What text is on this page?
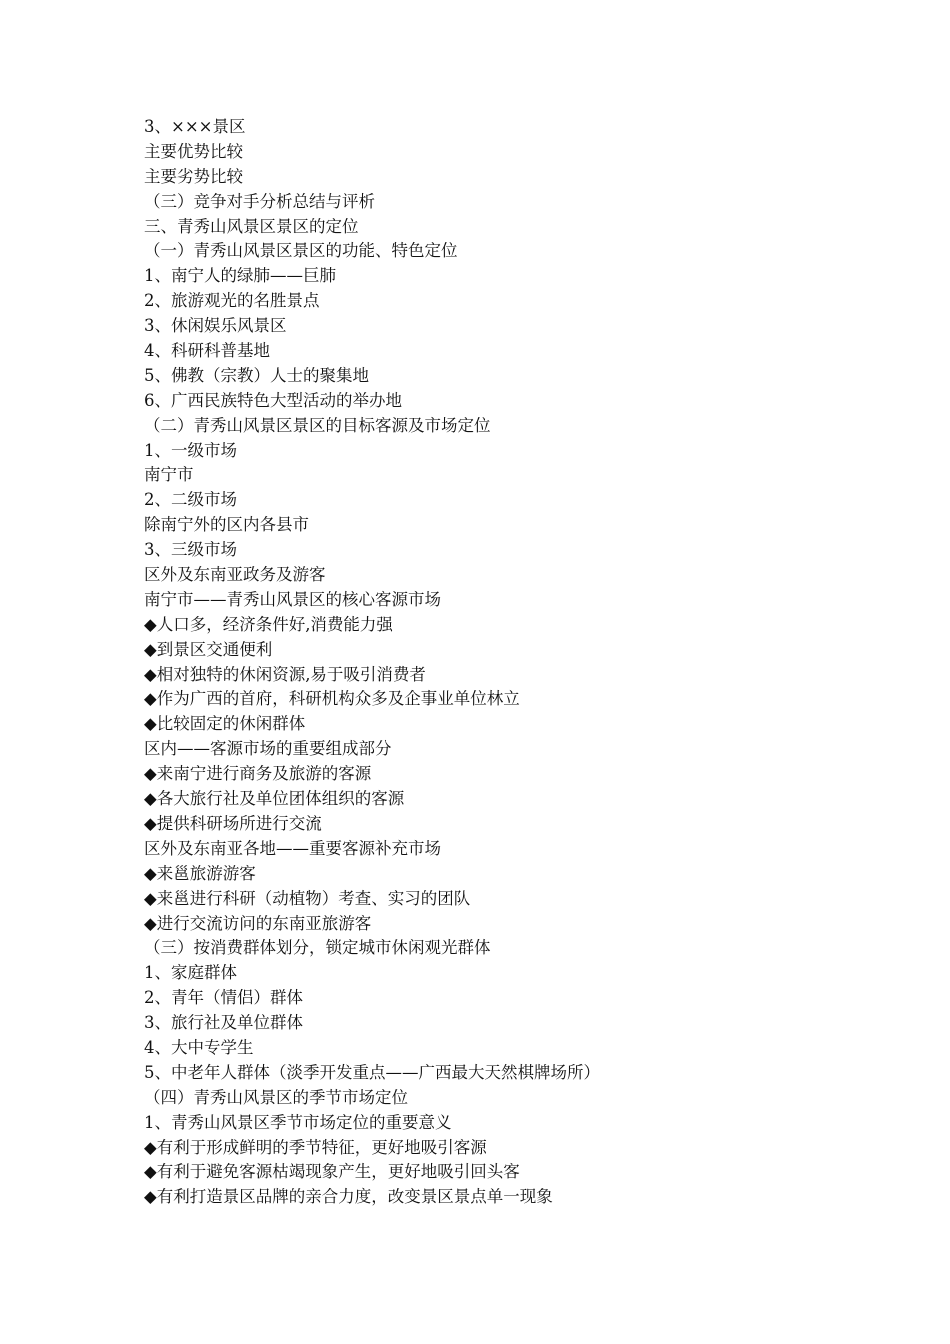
3、×××景区

主要优势比较

主要劣势比较

（三）竞争对手分析总结与评析

三、青秀山风景区景区的定位

（一）青秀山风景区景区的功能、特色定位

1、南宁人的绿肺——巨肺

2、旅游观光的名胜景点

3、休闲娱乐风景区

4、科研科普基地

5、佛教（宗教）人士的聚集地

6、广西民族特色大型活动的举办地

（二）青秀山风景区景区的目标客源及市场定位

1、一级市场

南宁市

2、二级市场

除南宁外的区内各县市

3、三级市场

区外及东南亚政务及游客

南宁市——青秀山风景区的核心客源市场

◆人口多，经济条件好,消费能力强

◆到景区交通便利

◆相对独特的休闲资源,易于吸引消费者

◆作为广西的首府，科研机构众多及企事业单位林立

◆比较固定的休闲群体

区内——客源市场的重要组成部分

◆来南宁进行商务及旅游的客源

◆各大旅行社及单位团体组织的客源

◆提供科研场所进行交流

区外及东南亚各地——重要客源补充市场

◆来邕旅游游客

◆来邕进行科研（动植物）考查、实习的团队

◆进行交流访问的东南亚旅游客

（三）按消费群体划分，锁定城市休闲观光群体

1、家庭群体

2、青年（情侣）群体

3、旅行社及单位群体

4、大中专学生

5、中老年人群体（淡季开发重点——广西最大天然棋牌场所）

（四）青秀山风景区的季节市场定位

1、青秀山风景区季节市场定位的重要意义

◆有利于形成鲜明的季节特征，更好地吸引客源

◆有利于避免客源枯竭现象产生，更好地吸引回头客

◆有利打造景区品牌的亲合力度，改变景区景点单一现象
